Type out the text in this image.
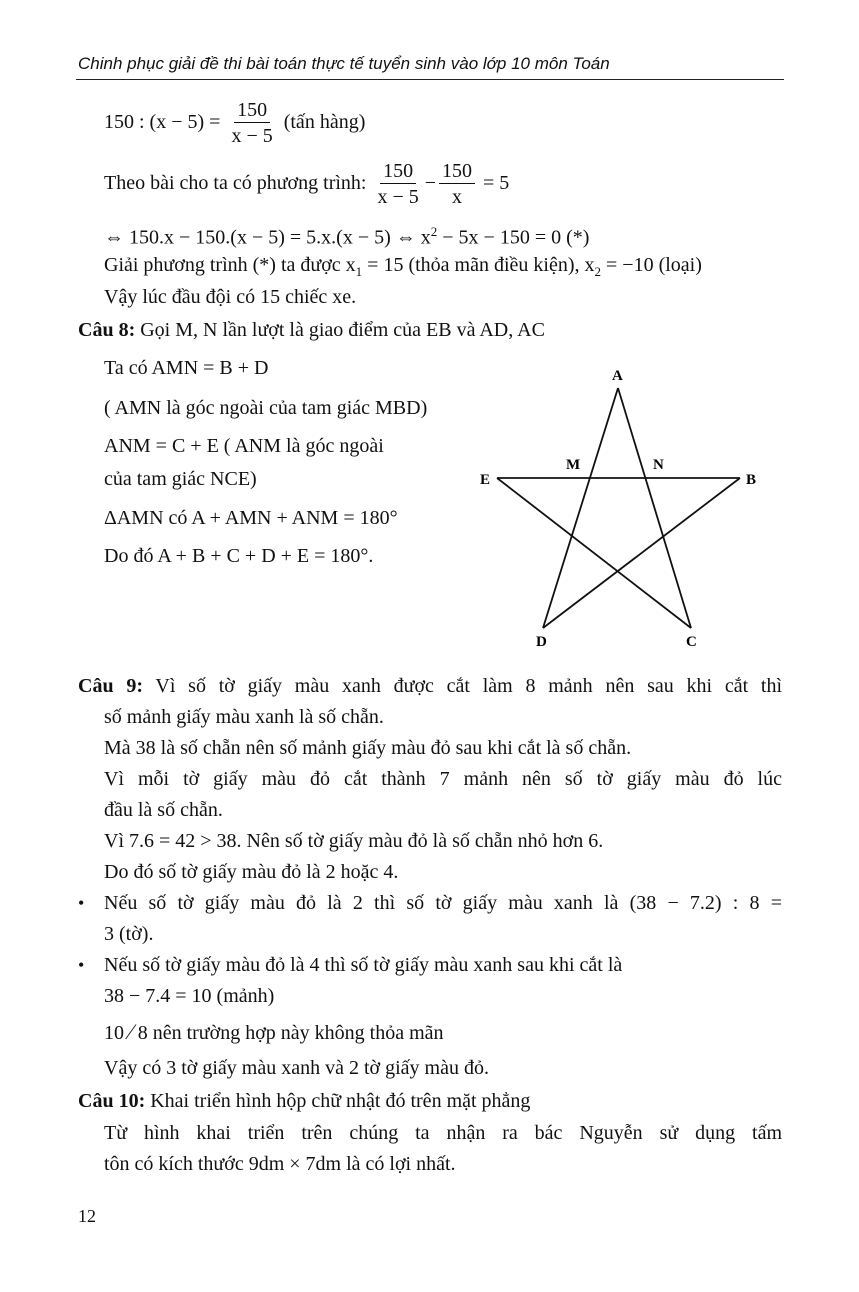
Chinh phục giải đề thi bài toán thực tế tuyển sinh vào lớp 10 môn Toán
150 : $(x - 5) = \frac{150}{x - 5}$ (tấn hàng)
Theo bài cho ta có phương trình: $\frac{150}{x - 5} - \frac{150}{x} = 5$
⇔ 150.x − 150.(x − 5) = 5.x.(x − 5) ⇔ $x^2 - 5x - 150 = 0$ (*)
Giải phương trình (*) ta được $x_1 = 15$ (thỏa mãn điều kiện), $x_2 = -10$ (loại)
Vậy lúc đầu đội có 15 chiếc xe.
Câu 8: Gọi M, N lần lượt là giao điểm của EB và AD, AC
Ta có AMN = B + D
( AMN là góc ngoài của tam giác MBD)
ANM = C + E ( ANM là góc ngoài
của tam giác NCE)
ΔAMN có A + AMN + ANM = 180°
Do đó A + B + C + D + E = 180°.
A
E	B
M	N
D	C
Câu 9: Vì số tờ giấy màu xanh được cắt làm 8 mảnh nên sau khi cắt thì
số mảnh giấy màu xanh là số chẵn.
Mà 38 là số chẵn nên số mảnh giấy màu đỏ sau khi cắt là số chẵn.
Vì mỗi tờ giấy màu đỏ cắt thành 7 mảnh nên số tờ giấy màu đỏ lúc
đầu là số chẵn.
Vì 7.6 = 42 > 38. Nên số tờ giấy màu đỏ là số chẵn nhỏ hơn 6.
Do đó số tờ giấy màu đỏ là 2 hoặc 4.
• Nếu số tờ giấy màu đỏ là 2 thì số tờ giấy màu xanh là (38 − 7.2) : 8 =
3 (tờ).
• Nếu số tờ giấy màu đỏ là 4 thì số tờ giấy màu xanh sau khi cắt là
38 − 7.4 = 10 (mảnh)
10 ⁄ 8 nên trường hợp này không thỏa mãn
Vậy có 3 tờ giấy màu xanh và 2 tờ giấy màu đỏ.
Câu 10: Khai triển hình hộp chữ nhật đó trên mặt phẳng
Từ hình khai triển trên chúng ta nhận ra bác Nguyễn sử dụng tấm
tôn có kích thước 9dm × 7dm là có lợi nhất.
12
